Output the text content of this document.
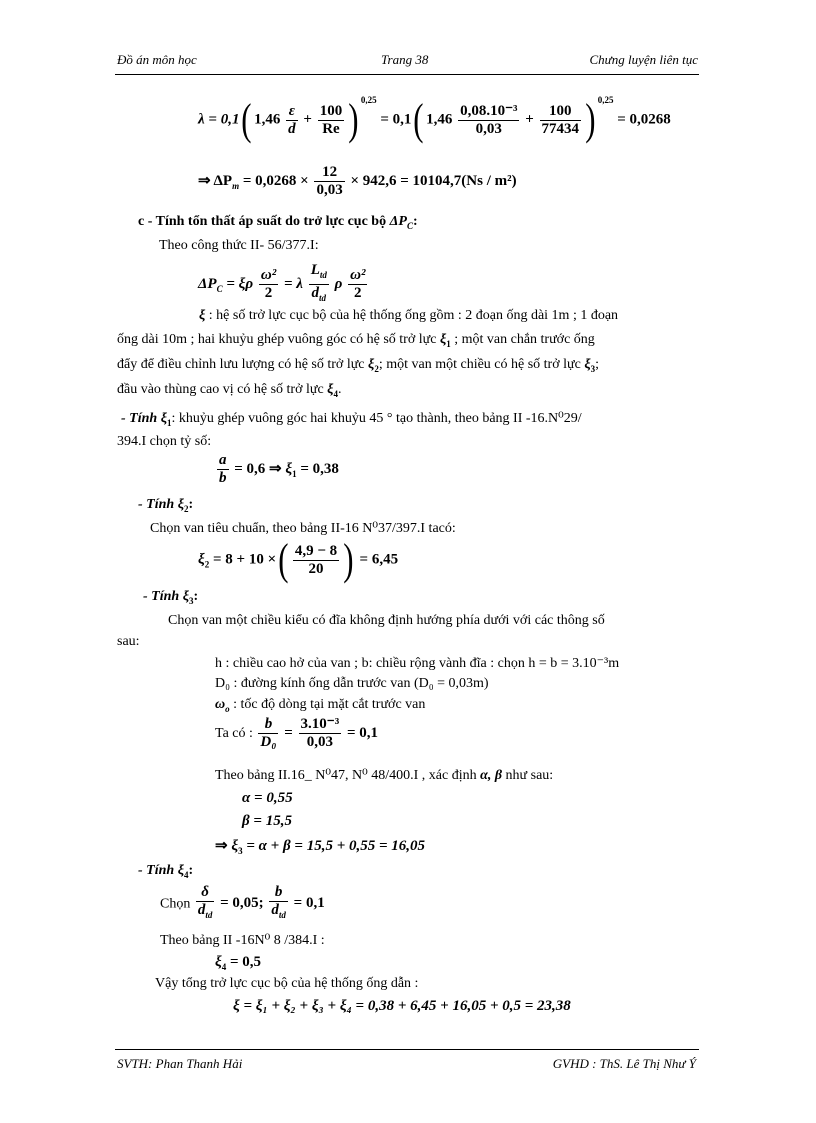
Đồ án môn học	Trang 38	Chưng luyện liên tục
λ = 0,1( $1,46 \frac{\varepsilon}{d} + \frac{100}{Re}$ ) $^{0,25}$ = 0,1( $1,46 \frac{\text{0,08.10⁻³}}{0,03} + \frac{100}{77434}$ ) $^{0,25}$ = 0,0268
⇒ $\Delta P_m = 0,0268 \times \frac{12}{0,03} \times 942,6 = 10104,7(Ns / m^2)$
c - Tính tổn thất áp suất do trở lực cục bộ $\Delta P_C$:
Theo công thức II- 56/377.I:
$\Delta P_C = \xi\rho \frac{\text{ω²}}{2} = \lambda \frac{L_{td}}{d_{td}}$ ρ $\frac{\text{ω²}}{2}$
ξ : hệ số trở lực cục bộ của hệ thống ống gồm : 2 đoạn ống dài 1m ; 1 đoạn
ống dài 10m ; hai khuỷu ghép vuông góc có hệ số trở lực $\xi_1$ ; một van chắn trước ống
đẩy để điều chỉnh lưu lượng có hệ số trở lực $\xi_2$; một van một chiều có hệ số trở lực $\xi_3$;
đầu vào thùng cao vị có hệ số trở lực $\xi_4$.
- Tính $\xi_1$: khuỷu ghép vuông góc hai khuỷu 45 ° tạo thành, theo bảng II -16.N⁰29/
394.I chọn tỷ số:
$\frac{a}{b} = 0,6$ ⇒ $\xi_1 = 0,38$
- Tính $\xi_2$:
Chọn van tiêu chuẩn, theo bảng II-16 N⁰37/397.I tacó:
$\xi_2 = 8 + 10$ ×( $\frac{4,9 - 8}{20}$ ) = 6,45
- Tính $\xi_3$:
Chọn van một chiều kiểu có đĩa không định hướng phía dưới với các thông số
sau:
h : chiều cao hở của van ; b: chiều rộng vành đĩa : chọn h = b = 3.10⁻³m
D₀ : đường kính ống dẫn trước van (D₀ = 0,03m)
$\omega_o$ : tốc độ dòng tại mặt cắt trước van
Ta có : $\frac{b}{\text{D₀}} = \frac{\text{3.10⁻³}}{0,03} = 0,1$
Theo bảng II.16_ N⁰47, N⁰ 48/400.I , xác định α, β như sau:
α = 0,55
β = 15,5
⇒ $\xi_3 = \alpha + \beta = 15,5 + 0,55 = 16,05$
- Tính $\xi_4$:
Chọn $\frac{\delta}{d_{td}} = 0,05$; $\frac{b}{d_{td}} = 0,1$
Theo bảng II -16N⁰ 8 /384.I :
$\xi_4 = 0,5$
Vậy tổng trở lực cục bộ của hệ thống ống dẫn :
ξ = ξ₁ + ξ₂ + ξ₃ + ξ₄ = 0,38 + 6,45 + 16,05 + 0,5 = 23,38
SVTH: Phan Thanh Hải	GVHD : ThS. Lê Thị Như Ý
